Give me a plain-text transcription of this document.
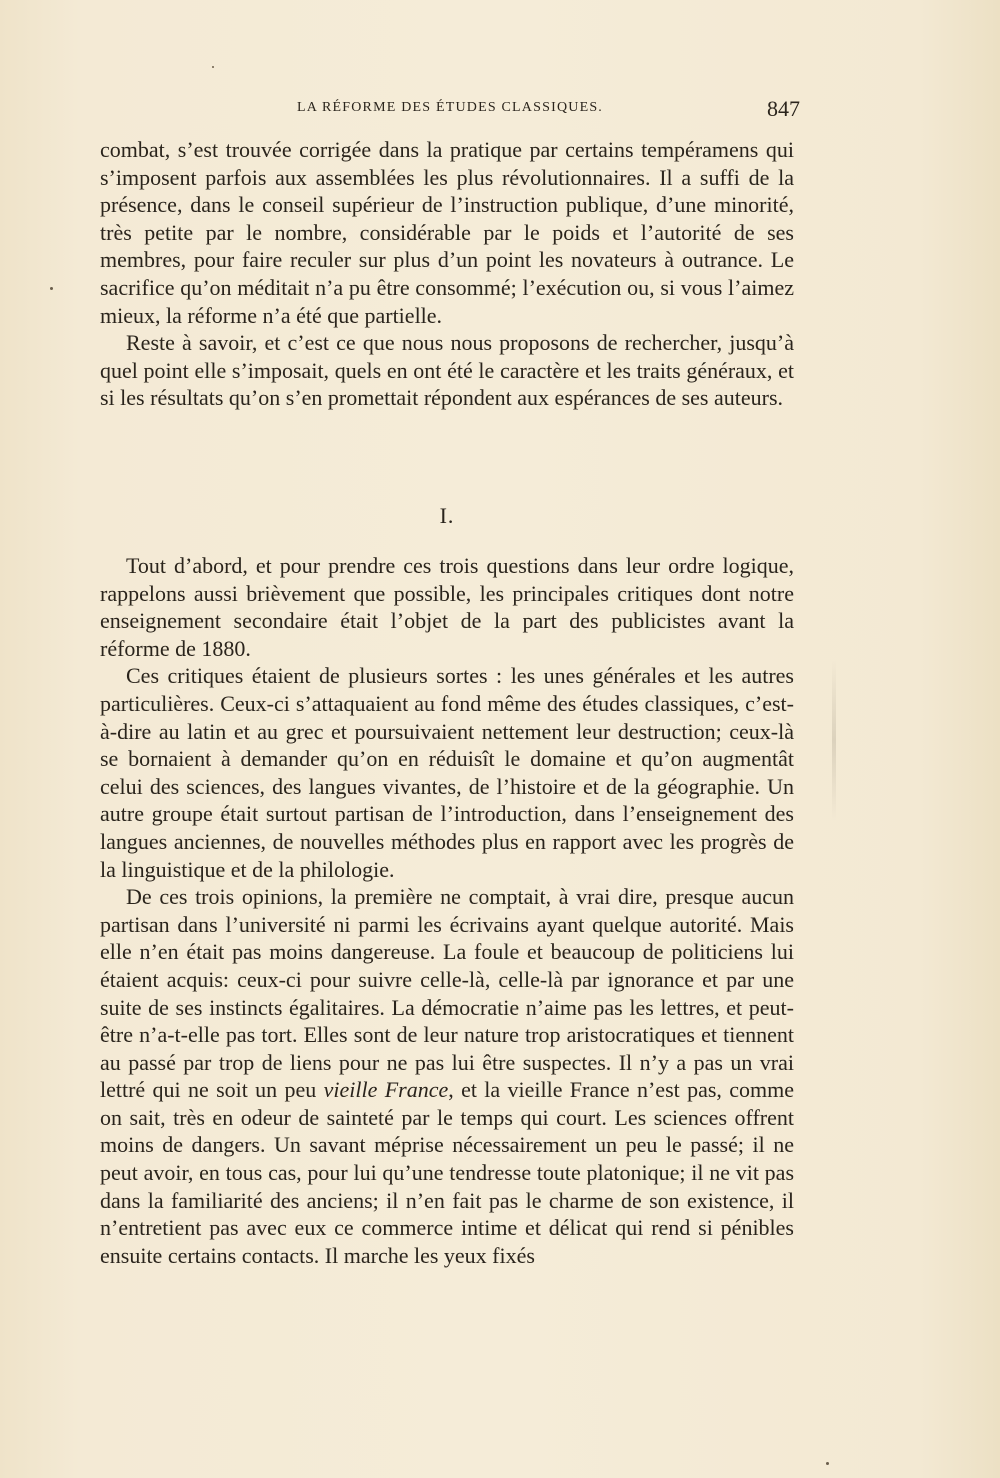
LA RÉFORME DES ÉTUDES CLASSIQUES.	847

combat, s’est trouvée corrigée dans la pratique par certains tempéramens qui s’imposent parfois aux assemblées les plus révolutionnaires. Il a suffi de la présence, dans le conseil supérieur de l’instruction publique, d’une minorité, très petite par le nombre, considérable par le poids et l’autorité de ses membres, pour faire reculer sur plus d’un point les novateurs à outrance. Le sacrifice qu’on méditait n’a pu être consommé; l’exécution ou, si vous l’aimez mieux, la réforme n’a été que partielle.

Reste à savoir, et c’est ce que nous nous proposons de rechercher, jusqu’à quel point elle s’imposait, quels en ont été le caractère et les traits généraux, et si les résultats qu’on s’en promettait répondent aux espérances de ses auteurs.

I.

Tout d’abord, et pour prendre ces trois questions dans leur ordre logique, rappelons aussi brièvement que possible, les principales critiques dont notre enseignement secondaire était l’objet de la part des publicistes avant la réforme de 1880.

Ces critiques étaient de plusieurs sortes : les unes générales et les autres particulières. Ceux-ci s’attaquaient au fond même des études classiques, c’est-à-dire au latin et au grec et poursuivaient nettement leur destruction; ceux-là se bornaient à demander qu’on en réduisît le domaine et qu’on augmentât celui des sciences, des langues vivantes, de l’histoire et de la géographie. Un autre groupe était surtout partisan de l’introduction, dans l’enseignement des langues anciennes, de nouvelles méthodes plus en rapport avec les progrès de la linguistique et de la philologie.

De ces trois opinions, la première ne comptait, à vrai dire, presque aucun partisan dans l’université ni parmi les écrivains ayant quelque autorité. Mais elle n’en était pas moins dangereuse. La foule et beaucoup de politiciens lui étaient acquis: ceux-ci pour suivre celle-là, celle-là par ignorance et par une suite de ses instincts égalitaires. La démocratie n’aime pas les lettres, et peut-être n’a-t-elle pas tort. Elles sont de leur nature trop aristocratiques et tiennent au passé par trop de liens pour ne pas lui être suspectes. Il n’y a pas un vrai lettré qui ne soit un peu vieille France, et la vieille France n’est pas, comme on sait, très en odeur de sainteté par le temps qui court. Les sciences offrent moins de dangers. Un savant méprise nécessairement un peu le passé; il ne peut avoir, en tous cas, pour lui qu’une tendresse toute platonique; il ne vit pas dans la familiarité des anciens; il n’en fait pas le charme de son existence, il n’entretient pas avec eux ce commerce intime et délicat qui rend si pénibles ensuite certains contacts. Il marche les yeux fixés
